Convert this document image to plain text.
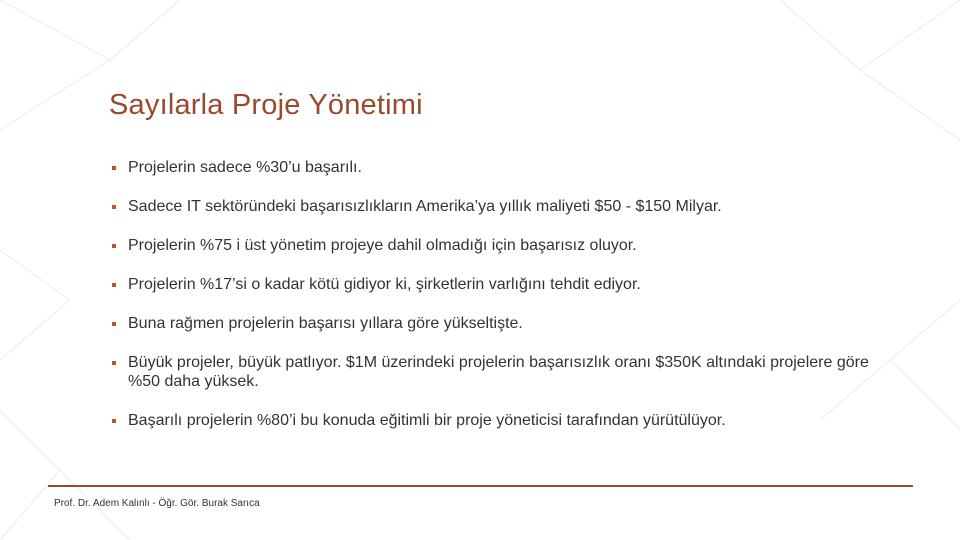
Sayılarla Proje Yönetimi
Projelerin sadece %30’u başarılı.
Sadece IT sektöründeki başarısızlıkların Amerika’ya yıllık maliyeti $50 - $150 Milyar.
Projelerin %75 i üst yönetim projeye dahil olmadığı için başarısız oluyor.
Projelerin %17’si o kadar kötü gidiyor ki, şirketlerin varlığını tehdit ediyor.
Buna rağmen projelerin başarısı yıllara göre yükseltişte.
Büyük projeler, büyük patlıyor. $1M üzerindeki projelerin başarısızlık oranı $350K altındaki projelere göre %50 daha yüksek.
Başarılı projelerin %80’i bu konuda eğitimli bir proje yöneticisi tarafından yürütülüyor.
Prof. Dr. Adem Kalınlı - Öğr. Gör. Burak Sarıca
